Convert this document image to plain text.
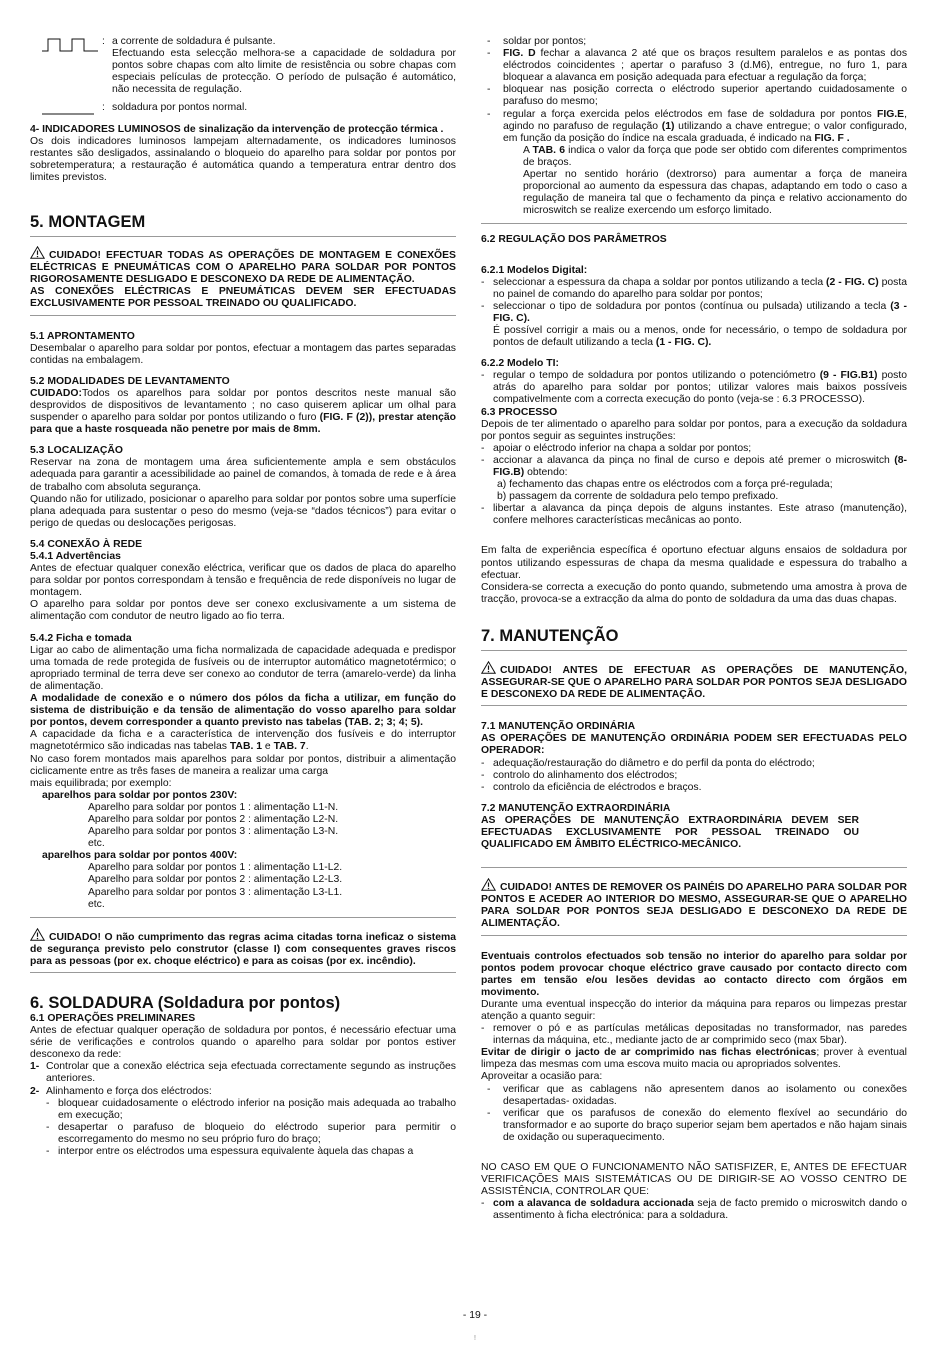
: a corrente de soldadura é pulsante.

Efectuando esta selecção melhora-se a capacidade de soldadura por pontos sobre chapas com alto limite de resistência ou sobre chapas com especiais películas de protecção. O período de pulsação é automático, não necessita de regulação.

: soldadura por pontos normal.

4- INDICADORES LUMINOSOS de sinalização da intervenção de protecção térmica .

Os dois indicadores luminosos lampejam alternadamente, os indicadores luminosos restantes são desligados, assinalando o bloqueio do aparelho para soldar por pontos por sobretemperatura; a restauração é automática quando a temperatura entrar dentro dos limites previstos.

5. MONTAGEM

CUIDADO! EFECTUAR TODAS AS OPERAÇÕES DE MONTAGEM E CONEXÕES ELÉCTRICAS E PNEUMÁTICAS COM O APARELHO PARA SOLDAR POR PONTOS RIGOROSAMENTE DESLIGADO E DESCONEXO DA REDE DE ALIMENTAÇÃO.

AS CONEXÕES ELÉCTRICAS E PNEUMÁTICAS DEVEM SER EFECTUADAS EXCLUSIVAMENTE POR PESSOAL TREINADO OU QUALIFICADO.

5.1 APRONTAMENTO

Desembalar o aparelho para soldar por pontos, efectuar a montagem das partes separadas contidas na embalagem.

5.2 MODALIDADES DE LEVANTAMENTO

CUIDADO:Todos os aparelhos para soldar por pontos descritos neste manual são desprovidos de dispositivos de levantamento ; no caso quiserem aplicar um olhal para suspender o aparelho para soldar por pontos utilizando o furo (FIG. F (2)), prestar atenção para que a haste rosqueada não penetre por mais de 8mm.

5.3 LOCALIZAÇÃO

Reservar na zona de montagem uma área suficientemente ampla e sem obstáculos adequada para garantir a acessibilidade ao painel de comandos, à tomada de rede e à área de trabalho com absoluta segurança.

Quando não for utilizado, posicionar o aparelho para soldar por pontos sobre uma superfície plana adequada para sustentar o peso do mesmo (veja-se “dados técnicos”) para evitar o perigo de quedas ou deslocações perigosas.

5.4 CONEXÃO À REDE

5.4.1 Advertências

Antes de efectuar qualquer conexão eléctrica, verificar que os dados de placa do aparelho para soldar por pontos correspondam à tensão e frequência de rede disponíveis no lugar de montagem.

O aparelho para soldar por pontos deve ser conexo exclusivamente a um sistema de alimentação com condutor de neutro ligado ao fio terra.

5.4.2 Ficha e tomada

Ligar ao cabo de alimentação uma ficha normalizada de capacidade adequada e predispor uma tomada de rede protegida de fusíveis ou de interruptor automático magnetotérmico; o apropriado terminal de terra deve ser conexo ao condutor de terra (amarelo-verde) da linha de alimentação.

A modalidade de conexão e o número dos pólos da ficha a utilizar, em função do sistema de distribuição e da tensão de alimentação do vosso aparelho para soldar por pontos, devem corresponder a quanto previsto nas tabelas (TAB. 2; 3; 4; 5).

A capacidade da ficha e a característica de intervenção dos fusíveis e do interruptor magnetotérmico são indicadas nas tabelas TAB. 1 e TAB. 7.

No caso forem montados mais aparelhos para soldar por pontos, distribuir a alimentação ciclicamente entre as três fases de maneira a realizar uma carga

mais equilibrada; por exemplo:

aparelhos para soldar por pontos 230V:

Aparelho para soldar por pontos 1 : alimentação L1-N.

Aparelho para soldar por pontos 2 : alimentação L2-N.

Aparelho para soldar por pontos 3 : alimentação L3-N.

etc.

aparelhos para soldar por pontos 400V:

Aparelho para soldar por pontos 1 : alimentação L1-L2.

Aparelho para soldar por pontos 2 : alimentação L2-L3.

Aparelho para soldar por pontos 3 : alimentação L3-L1.

etc.

CUIDADO! O não cumprimento das regras acima citadas torna ineficaz o sistema de segurança previsto pelo construtor (classe I) com consequentes graves riscos para as pessoas (por ex. choque eléctrico) e para as coisas (por ex. incêndio).

6. SOLDADURA (Soldadura por pontos)

6.1 OPERAÇÕES PRELIMINARES

Antes de efectuar qualquer operação de soldadura por pontos, é necessário efectuar uma série de verificações e controlos quando o aparelho para soldar por pontos estiver desconexo da rede:

1- Controlar que a conexão eléctrica seja efectuada correctamente segundo as instruções anteriores.
2- Alinhamento e força dos eléctrodos:
- bloquear cuidadosamente o eléctrodo inferior na posição mais adequada ao trabalho em execução;
- desapertar o parafuso de bloqueio do eléctrodo superior para permitir o escorregamento do mesmo no seu próprio furo do braço;
- interpor entre os eléctrodos uma espessura equivalente àquela das chapas a
- soldar por pontos;
- FIG. D fechar a alavanca 2 até que os braços resultem paralelos e as pontas dos eléctrodos coincidentes ; apertar o parafuso 3 (d.M6), entregue, no furo 1, para bloquear a alavanca em posição adequada para efectuar a regulação da força;
- bloquear nas posição correcta o eléctrodo superior apertando cuidadosamente o parafuso do mesmo;
- regular a força exercida pelos eléctrodos em fase de soldadura por pontos FIG.E, agindo no parafuso de regulação (1) utilizando a chave entregue; o valor configurado, em função da posição do índice na escala graduada, é indicado na FIG. F .

A TAB. 6 indica o valor da força que pode ser obtido com diferentes comprimentos de braços.

Apertar no sentido horário (dextrorso) para aumentar a força de maneira proporcional ao aumento da espessura das chapas, adaptando em todo o caso a regulação de maneira tal que o fechamento da pinça e relativo accionamento do microswitch se realize exercendo um esforço limitado.

6.2 REGULAÇÃO DOS PARÂMETROS

6.2.1 Modelos Digital:

- seleccionar a espessura da chapa a soldar por pontos utilizando a tecla (2 - FIG. C) posta no painel de comando do aparelho para soldar por pontos;
- seleccionar o tipo de soldadura por pontos (contínua ou pulsada) utilizando a tecla (3 - FIG. C).
É possível corrigir a mais ou a menos, onde for necessário, o tempo de soldadura por pontos de default utilizando a tecla (1 - FIG. C).

6.2.2 Modelo TI:

- regular o tempo de soldadura por pontos utilizando o potenciómetro (9 - FIG.B1) posto atrás do aparelho para soldar por pontos; utilizar valores mais baixos possíveis compativelmente com a correcta execução do ponto (veja-se : 6.3 PROCESSO).

6.3 PROCESSO

Depois de ter alimentado o aparelho para soldar por pontos, para a execução da soldadura por pontos seguir as seguintes instruções:

- apoiar o eléctrodo inferior na chapa a soldar por pontos;
- accionar a alavanca da pinça no final de curso e depois até premer o microswitch (8- FIG.B) obtendo:

a) fechamento das chapas entre os eléctrodos com a força pré-regulada;

b) passagem da corrente de soldadura pelo tempo prefixado.

- libertar a alavanca da pinça depois de alguns instantes. Este atraso (manutenção), confere melhores características mecânicas ao ponto.

Em falta de experiência específica é oportuno efectuar alguns ensaios de soldadura por pontos utilizando espessuras de chapa da mesma qualidade e espessura do trabalho a efectuar.

Considera-se correcta a execução do ponto quando, submetendo uma amostra à prova de tracção, provoca-se a extracção da alma do ponto de soldadura da uma das duas chapas.

7. MANUTENÇÃO

CUIDADO! ANTES DE EFECTUAR AS OPERAÇÕES DE MANUTENÇÃO, ASSEGURAR-SE QUE O APARELHO PARA SOLDAR POR PONTOS SEJA DESLIGADO E DESCONEXO DA REDE DE ALIMENTAÇÃO.

7.1 MANUTENÇÃO ORDINÁRIA

AS OPERAÇÕES DE MANUTENÇÃO ORDINÁRIA PODEM SER EFECTUADAS PELO OPERADOR:

- adequação/restauração do diâmetro e do perfil da ponta do eléctrodo;
- controlo do alinhamento dos eléctrodos;
- controlo da eficiência de eléctrodos e braços.

7.2 MANUTENÇÃO EXTRAORDINÁRIA

AS OPERAÇÕES DE MANUTENÇÃO EXTRAORDINÁRIA DEVEM SER EFECTUADAS EXCLUSIVAMENTE POR PESSOAL TREINADO OU QUALIFICADO EM ÂMBITO ELÉCTRICO-MECÂNICO.

CUIDADO! ANTES DE REMOVER OS PAINÉIS DO APARELHO PARA SOLDAR POR PONTOS E ACEDER AO INTERIOR DO MESMO, ASSEGURAR-SE QUE O APARELHO PARA SOLDAR POR PONTOS SEJA DESLIGADO E DESCONEXO DA REDE DE ALIMENTAÇÃO.

Eventuais controlos efectuados sob tensão no interior do aparelho para soldar por pontos podem provocar choque eléctrico grave causado por contacto directo com partes em tensão e/ou lesões devidas ao contacto directo com órgãos em movimento.

Durante uma eventual inspecção do interior da máquina para reparos ou limpezas prestar atenção a quanto seguir:

- remover o pó e as partículas metálicas depositadas no transformador, nas paredes internas da máquina, etc., mediante jacto de ar comprimido seco (max 5bar).

Evitar de dirigir o jacto de ar comprimido nas fichas electrónicas; prover à eventual limpeza das mesmas com uma escova muito macia ou apropriados solventes.

Aproveitar a ocasião para:

- verificar que as cablagens não apresentem danos ao isolamento ou conexões desapertadas- oxidadas.
- verificar que os parafusos de conexão do elemento flexível ao secundário do transformador e ao suporte do braço superior sejam bem apertados e não hajam sinais de oxidação ou superaquecimento.

NO CASO EM QUE O FUNCIONAMENTO NÃO SATISFIZER, E, ANTES DE EFECTUAR VERIFICAÇÕES MAIS SISTEMÁTICAS OU DE DIRIGIR-SE AO VOSSO CENTRO DE ASSISTÊNCIA, CONTROLAR QUE:

- com a alavanca de soldadura accionada seja de facto premido o microswitch dando o assentimento à ficha electrónica: para a soldadura.
- 19 -
!
